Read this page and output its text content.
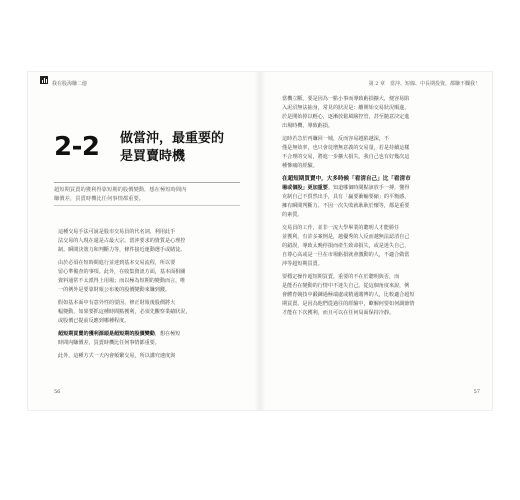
我在股海賺二億
2-2 做當沖，最重要的
是買賣時機
超短期買賣的獲利得靠短期的股價變動，想在極短時間內
賺價差，買賣時機比任何事情都重要。
這種交易手法可說是股市交易員的代名詞，利用此手
法交易的人現在還是占最大宗。當沖要求的資質是心理控
制、瞬間決策力和判斷力等，條件接近運動選手或賭徒。
由於必須在短時間進行並達到基本交易流程，所以要
留心準備查的事項。此外，在收集資訊方面，基本面相關
資料通常不太派得上用場；而以極為短期的變動而言，唯
一的例外是要靠財報公布後的股價變動來賺到錢。
假如基本面中有意外性的要因，修正財報後股價將大
幅變動，如果要抓這種時間點獲利，必須先觀察業績狀況，
或股價已提前反應到哪種程度。
超短期買賣的獲利源頭是超短期的股價變動，想在極短
時間內賺價差，買賣時機比任何事情都重要。
此外，這種方式一天內會頻繁交易，所以講究速度與
56
第 2 章　當沖、短線、中長期投資，都賺不爛我！
當機立斷。要是因為一點小事而導致虧損擴大，便容易陷
入泥沼無法抽身，常見的狀況是：離開始交易狀況順遂，
於是開始掉以輕心，逐漸放鬆風險控管，甚至隨意決定進
出場時機，導致虧損。
這時若急於再賺回一城，反而容易越陷越深，不
僅是無效率，也只會徒增無意義的交易量，若是持續這樣
不合理的交易，將進一步擴大損失。我自己也有好幾次這
種慘痛的經驗。
在超短期買賣中，大多時候「看清自己」比「看清市
場或個股」更加重要。知道哪個時間點該放手一搏，懂得
克制自己不貿然出手，具有「贏要衝輸要縮」的平衡感，
擁有瞬間判斷力、不因一次失敗就耿耿於懷等，都是重要
的素質。
交易員的工作，並非一流大學畢業的聰明人才能勝任
並獲利，有許多案例是，越優秀的人反而越無法認清自己
的錯誤，導致太晚停損而產生致命損失，或是迷失自己，
自尊心高或是一旦在市場虧損就會激動的人，不適合做當
沖等超短期買賣。
要穩定操作超短期買賣，重要的不在於聰明與否，而
是能否在變動的行情中不迷失自己。從這個角度來說，例
會體育競技中鍛鍊過極端處或精通賭博的人，比較適合超短
期買賣。是因為他們從過往的經驗中，瞭解何要如何調節情
才能在下次獲利，而且可以在任何局面保持冷靜。
57
